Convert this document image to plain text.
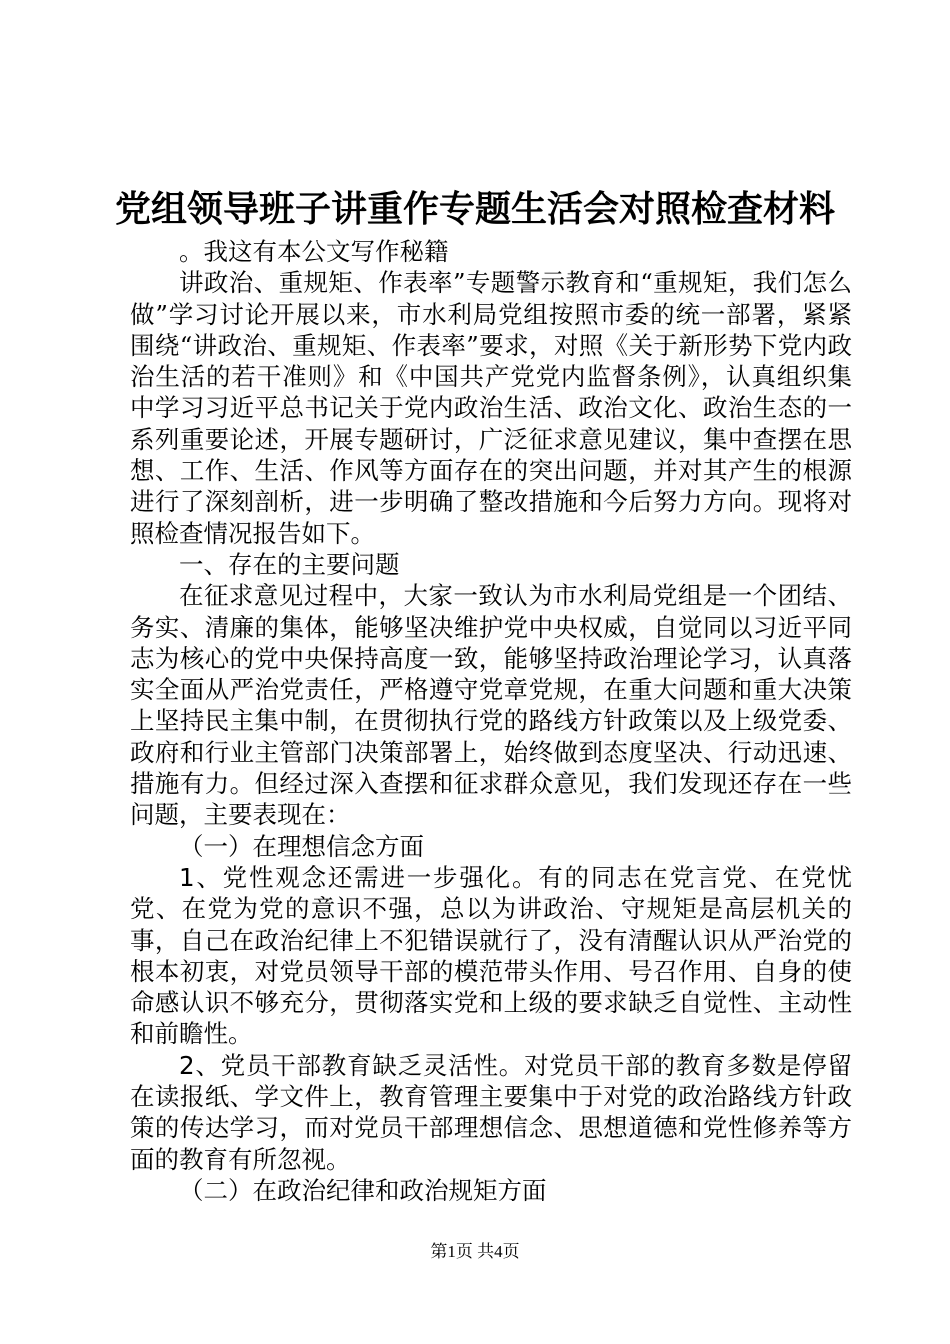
党组领导班子讲重作专题生活会对照检查材料

。我这有本公文写作秘籍

讲政治、重规矩、作表率”专题警示教育和“重规矩，我们怎么做”学习讨论开展以来，市水利局党组按照市委的统一部署，紧紧围绕“讲政治、重规矩、作表率”要求，对照《关于新形势下党内政治生活的若干准则》和《中国共产党党内监督条例》，认真组织集中学习习近平总书记关于党内政治生活、政治文化、政治生态的一系列重要论述，开展专题研讨，广泛征求意见建议，集中查摆在思想、工作、生活、作风等方面存在的突出问题，并对其产生的根源进行了深刻剖析，进一步明确了整改措施和今后努力方向。现将对照检查情况报告如下。

一、存在的主要问题

在征求意见过程中，大家一致认为市水利局党组是一个团结、务实、清廉的集体，能够坚决维护党中央权威，自觉同以习近平同志为核心的党中央保持高度一致，能够坚持政治理论学习，认真落实全面从严治党责任，严格遵守党章党规，在重大问题和重大决策上坚持民主集中制，在贯彻执行党的路线方针政策以及上级党委、政府和行业主管部门决策部署上，始终做到态度坚决、行动迅速、措施有力。但经过深入查摆和征求群众意见，我们发现还存在一些问题，主要表现在：

（一）在理想信念方面

1、党性观念还需进一步强化。有的同志在党言党、在党忧党、在党为党的意识不强，总以为讲政治、守规矩是高层机关的事，自己在政治纪律上不犯错误就行了，没有清醒认识从严治党的根本初衷，对党员领导干部的模范带头作用、号召作用、自身的使命感认识不够充分，贯彻落实党和上级的要求缺乏自觉性、主动性和前瞻性。

2、党员干部教育缺乏灵活性。对党员干部的教育多数是停留在读报纸、学文件上，教育管理主要集中于对党的政治路线方针政策的传达学习，而对党员干部理想信念、思想道德和党性修养等方面的教育有所忽视。

（二）在政治纪律和政治规矩方面

第1页 共4页
